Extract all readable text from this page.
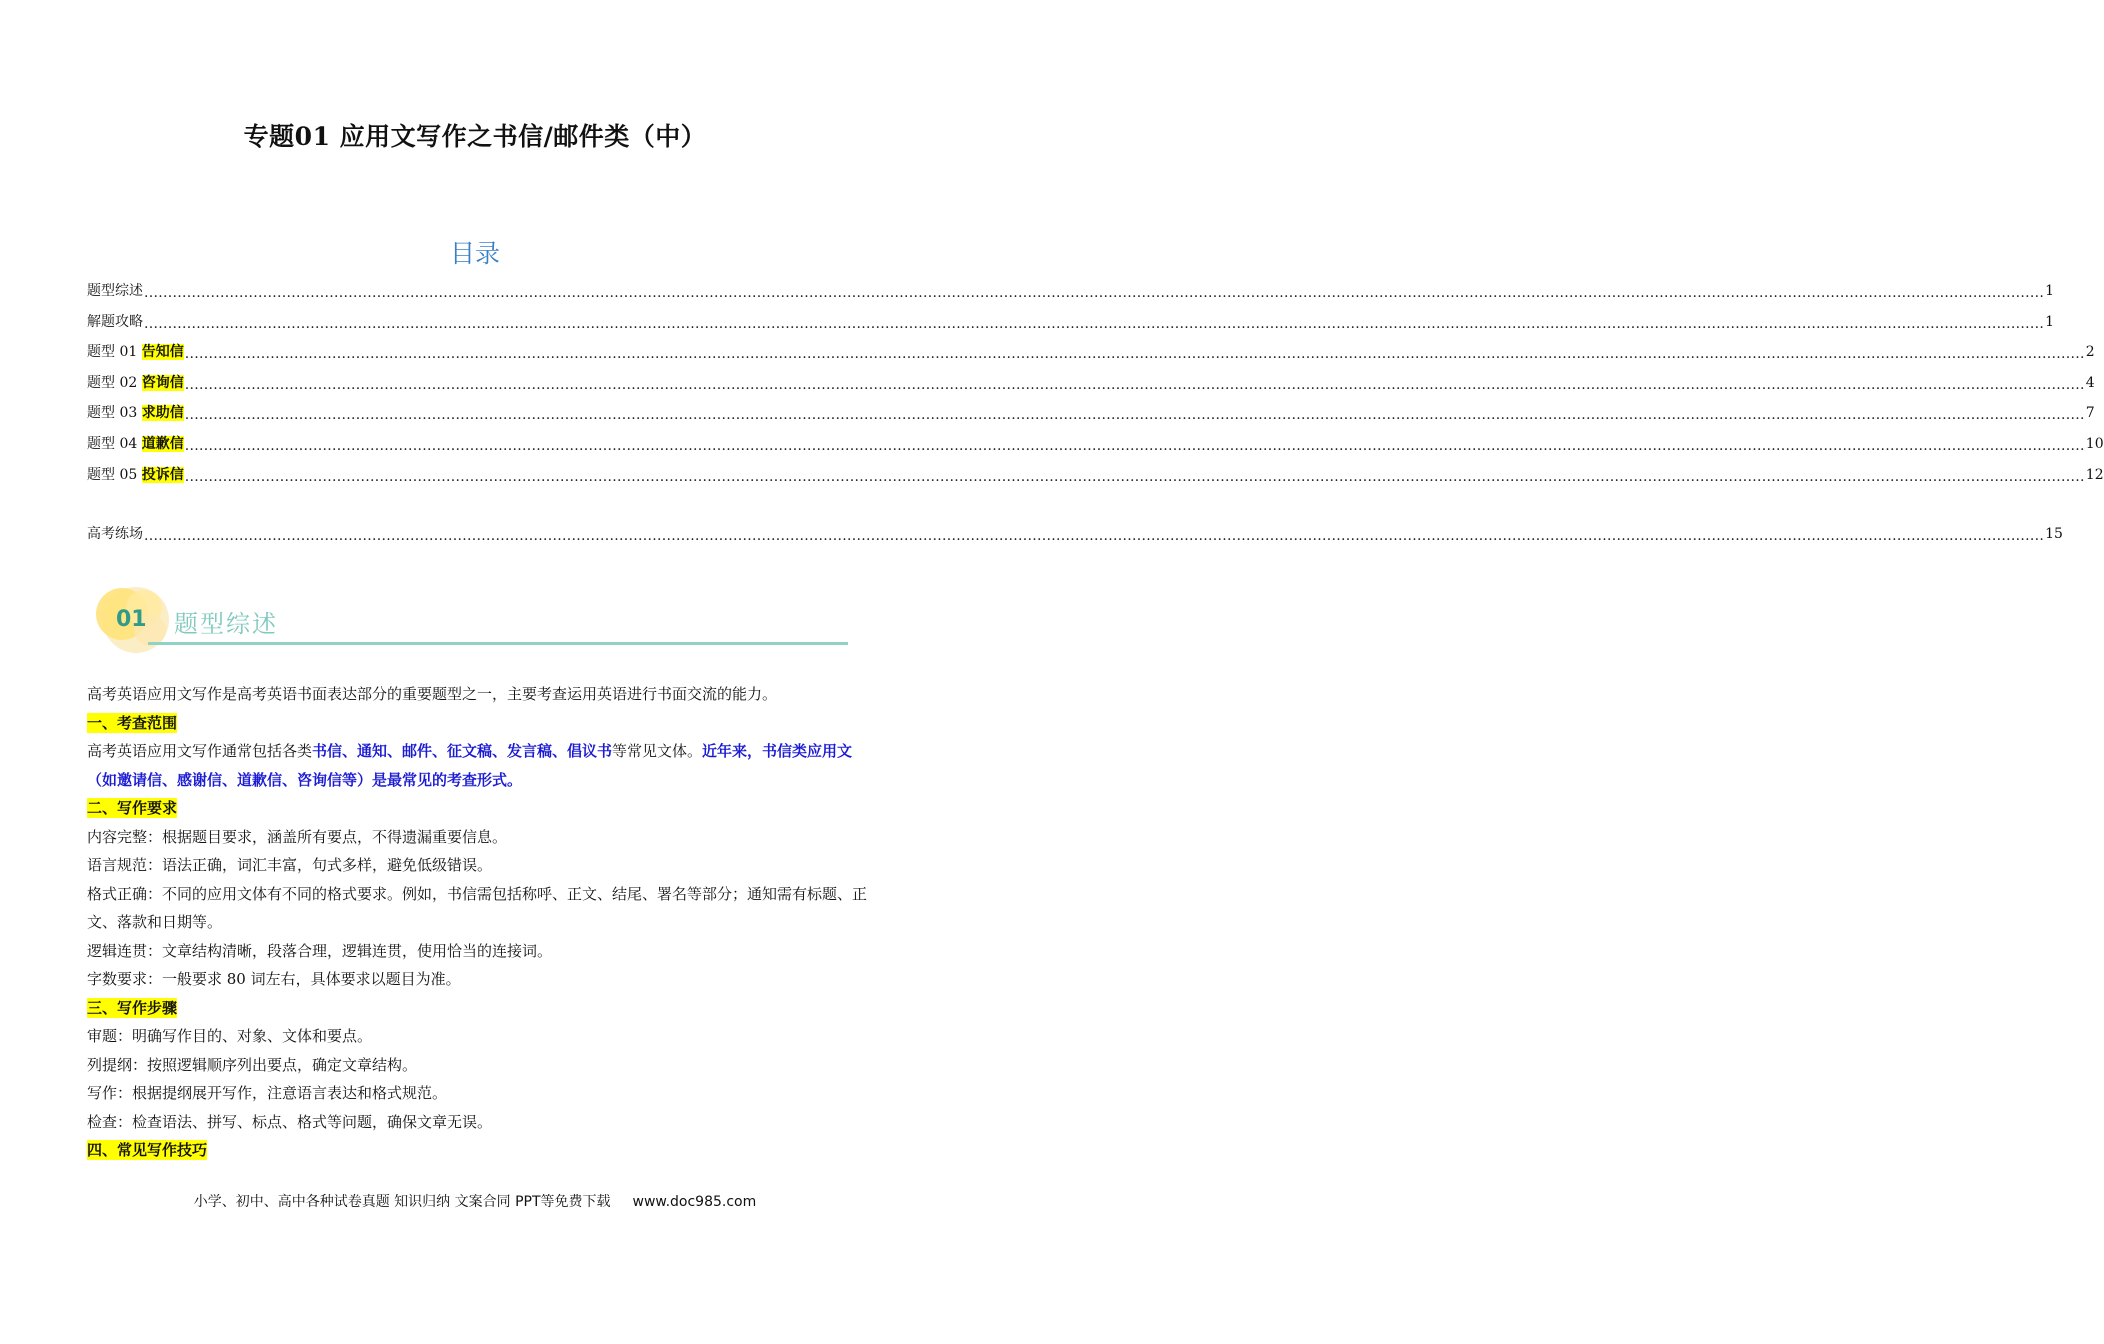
专题01 应用文写作之书信/邮件类（中）
目录
题型综述 ................................................................................................................................................................................................................................................................................................................................................................................................................ 1
解题攻略 ................................................................................................................................................................................................................................................................................................................................................................................................................ 1
题型 01 告知信 ................................................................................................................................................................................................................................................................................................................................................................................................................ 2
题型 02 咨询信 ................................................................................................................................................................................................................................................................................................................................................................................................................ 4
题型 03 求助信 ................................................................................................................................................................................................................................................................................................................................................................................................................ 7
题型 04 道歉信 ................................................................................................................................................................................................................................................................................................................................................................................................................ 10
题型 05 投诉信 ................................................................................................................................................................................................................................................................................................................................................................................................................ 12
高考练场 ................................................................................................................................................................................................................................................................................................................................................................................................................ 15
01 题型综述

高考英语应用文写作是高考英语书面表达部分的重要题型之一，主要考查运用英语进行书面交流的能力。

一、考查范围

高考英语应用文写作通常包括各类书信、通知、邮件、征文稿、发言稿、倡议书等常见文体。近年来，书信类应用文（如邀请信、感谢信、道歉信、咨询信等）是最常见的考查形式。

二、写作要求

内容完整：根据题目要求，涵盖所有要点，不得遗漏重要信息。

语言规范：语法正确，词汇丰富，句式多样，避免低级错误。

格式正确：不同的应用文体有不同的格式要求。例如，书信需包括称呼、正文、结尾、署名等部分；通知需有标题、正文、落款和日期等。

逻辑连贯：文章结构清晰，段落合理，逻辑连贯，使用恰当的连接词。

字数要求：一般要求 80 词左右，具体要求以题目为准。

三、写作步骤

审题：明确写作目的、对象、文体和要点。

列提纲：按照逻辑顺序列出要点，确定文章结构。

写作：根据提纲展开写作，注意语言表达和格式规范。

检查：检查语法、拼写、标点、格式等问题，确保文章无误。

四、常见写作技巧

小学、初中、高中各种试卷真题 知识归纳 文案合同 PPT等免费下载 www.doc985.com
